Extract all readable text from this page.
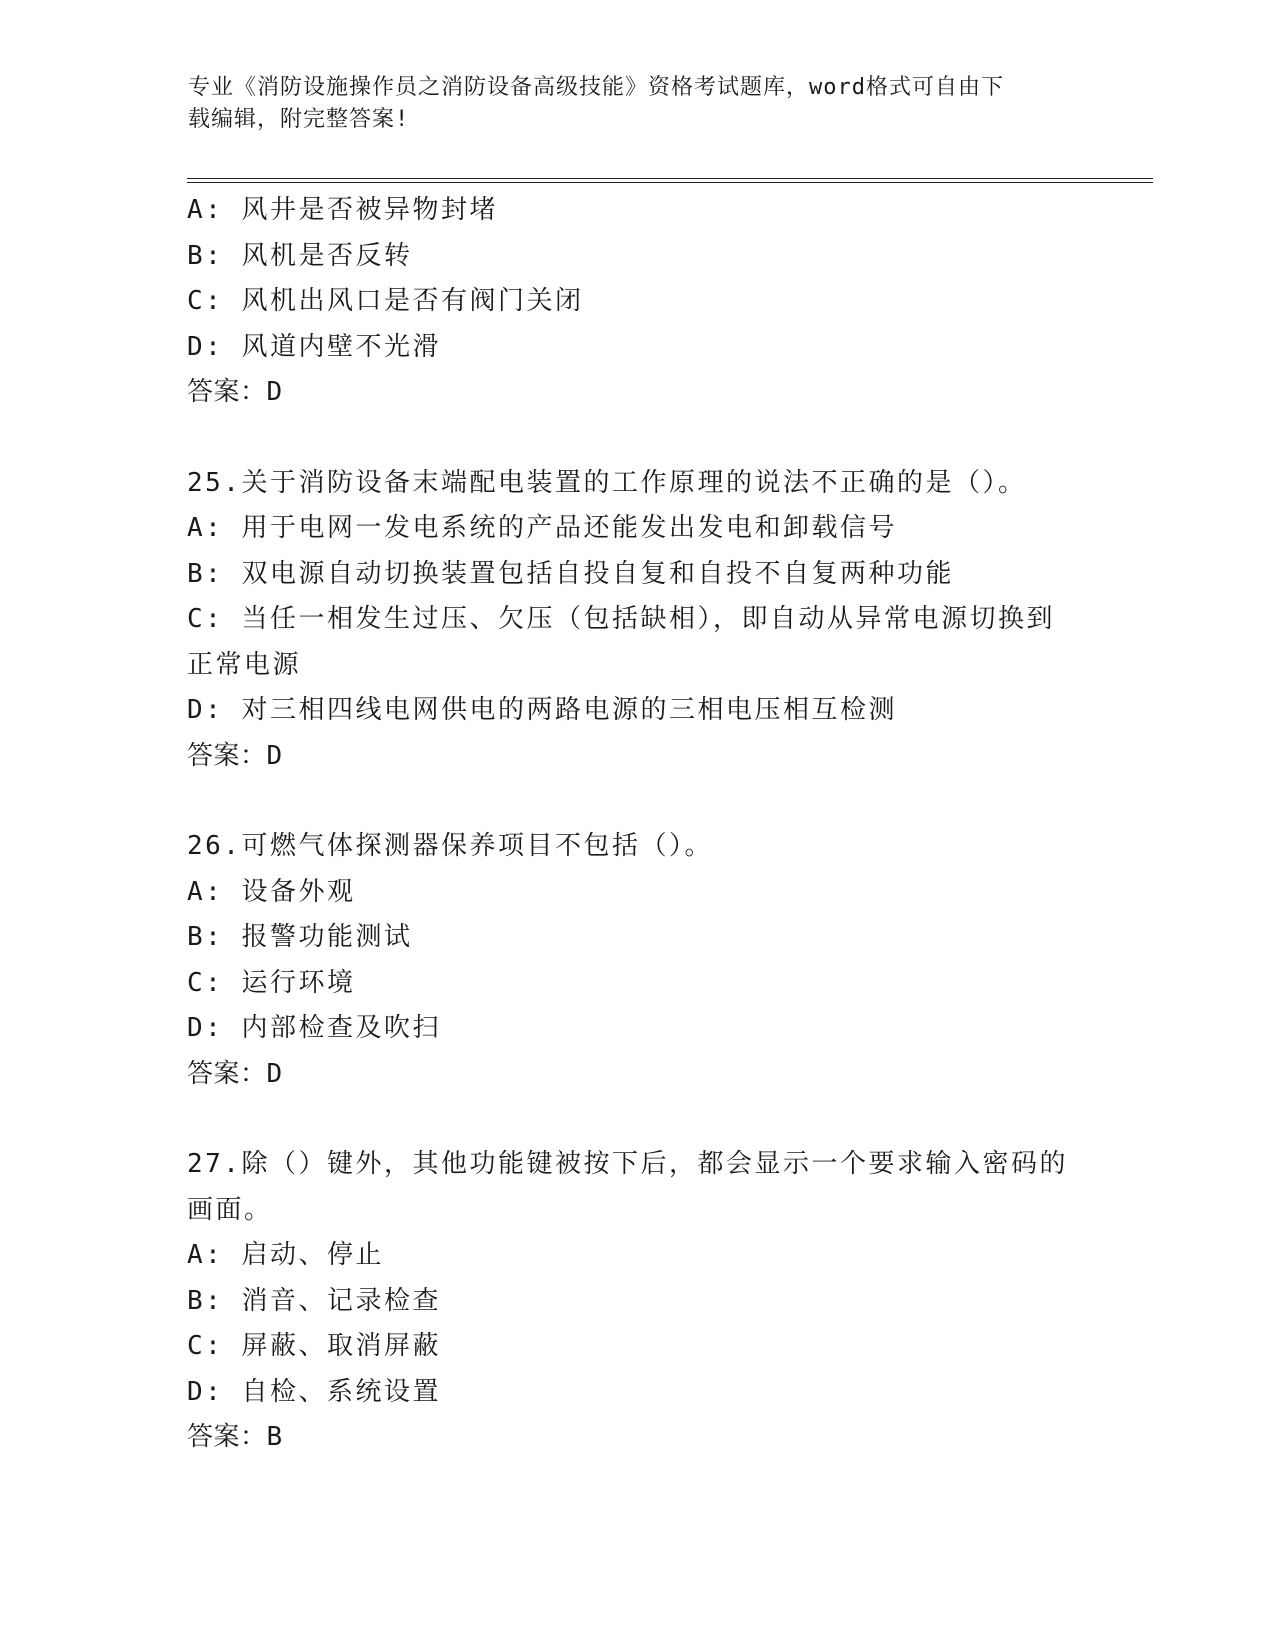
专业《消防设施操作员之消防设备高级技能》资格考试题库，word格式可自由下
载编辑，附完整答案!
A: 风井是否被异物封堵
B: 风机是否反转
C: 风机出风口是否有阀门关闭
D: 风道内壁不光滑
答案：D
25.关于消防设备末端配电装置的工作原理的说法不正确的是（）。
A: 用于电网一发电系统的产品还能发出发电和卸载信号
B: 双电源自动切换装置包括自投自复和自投不自复两种功能
C: 当任一相发生过压、欠压（包括缺相），即自动从异常电源切换到
正常电源
D: 对三相四线电网供电的两路电源的三相电压相互检测
答案：D
26.可燃气体探测器保养项目不包括（）。
A: 设备外观
B: 报警功能测试
C: 运行环境
D: 内部检查及吹扫
答案：D
27.除（）键外，其他功能键被按下后，都会显示一个要求输入密码的
画面。
A: 启动、停止
B: 消音、记录检查
C: 屏蔽、取消屏蔽
D: 自检、系统设置
答案：B
